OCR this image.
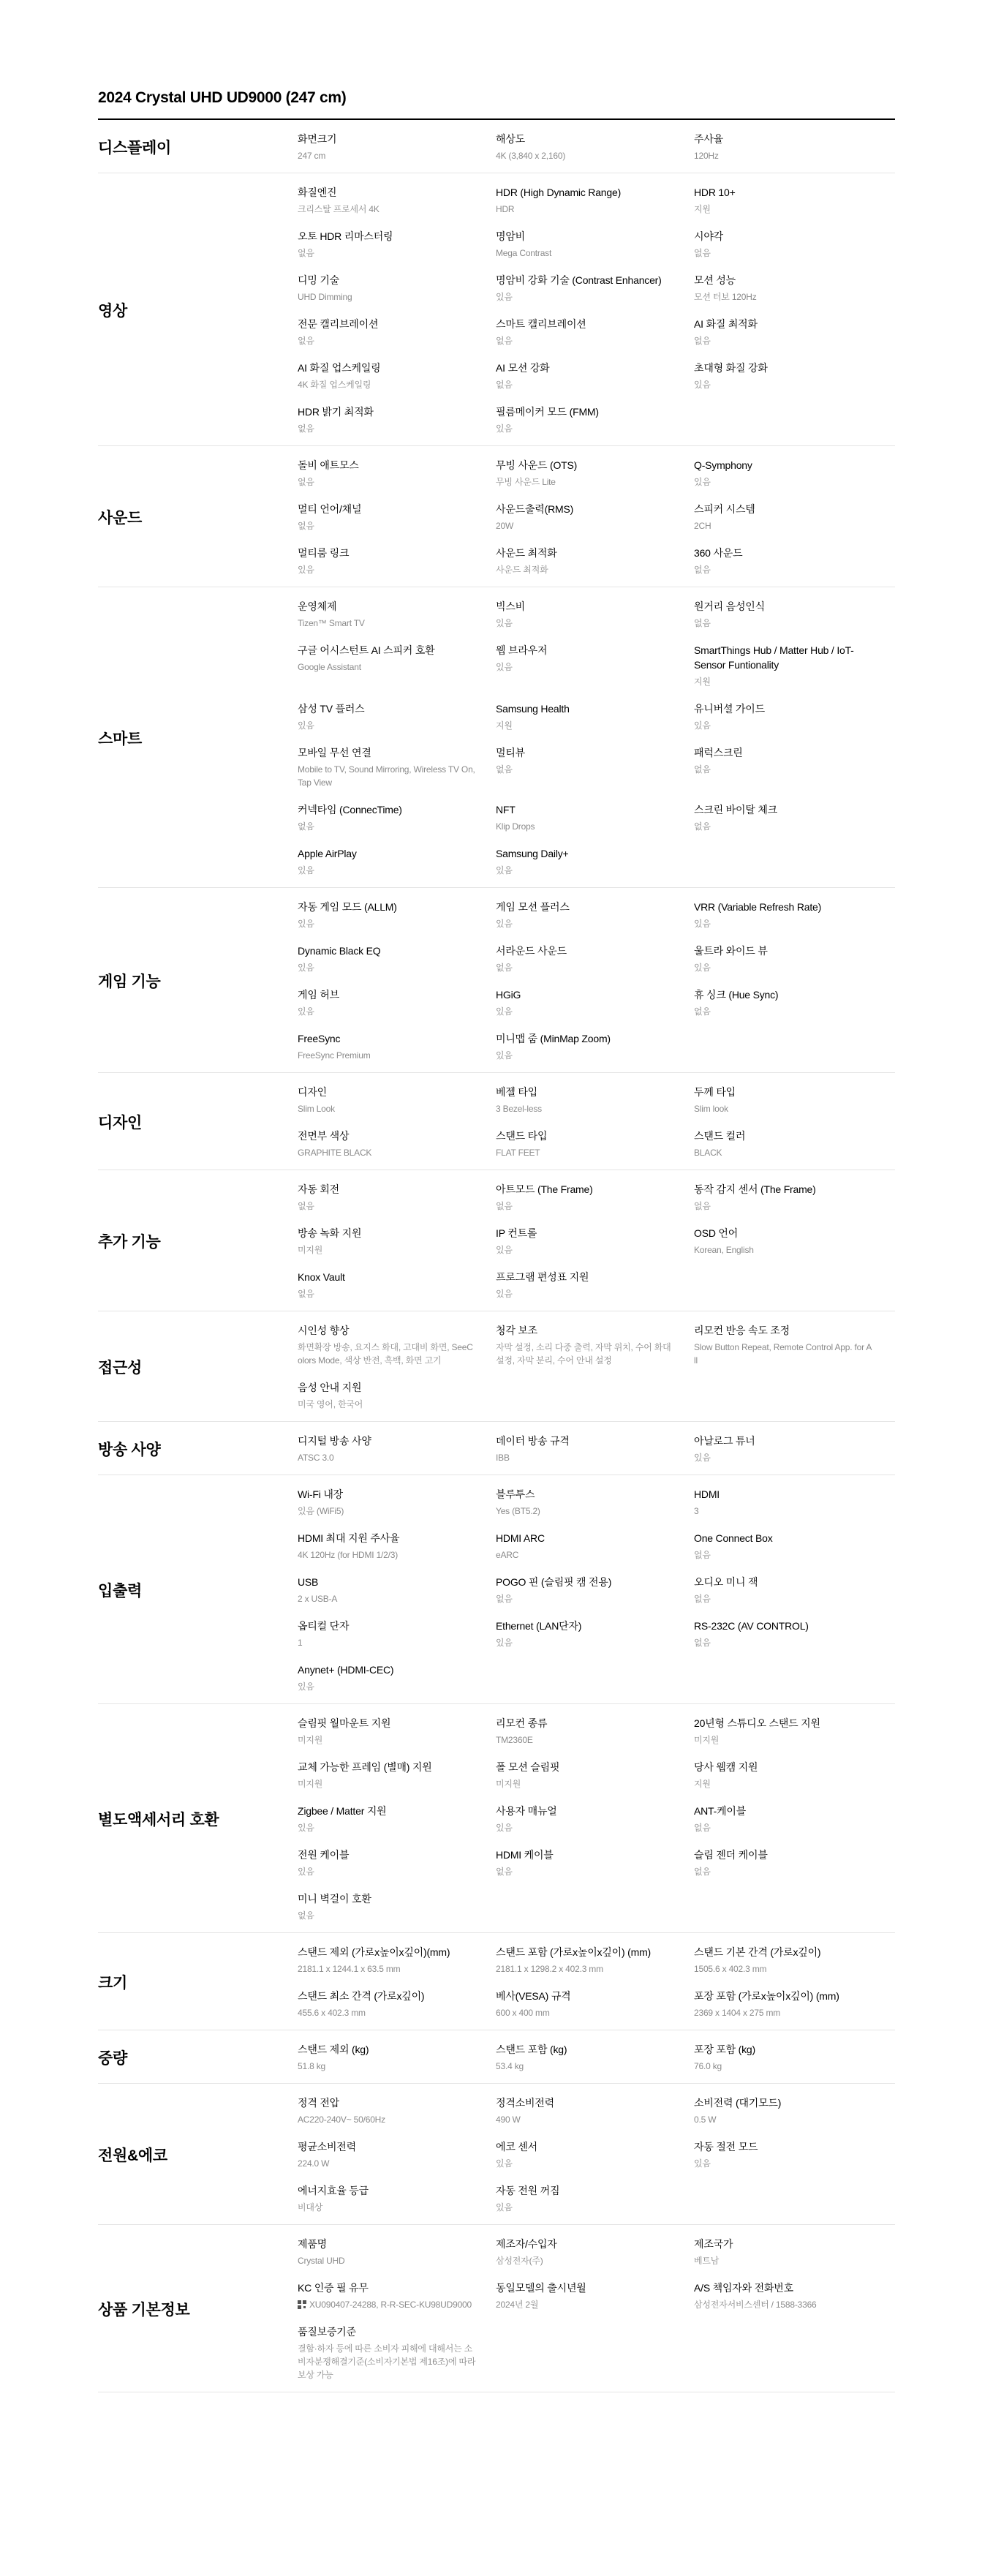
2024 Crystal UHD UD9000 (247 cm)
디스플레이
화면크기
247 cm
해상도
4K (3,840 x 2,160)
주사율
120Hz
영상
화질엔진
크리스탈 프로세서 4K
HDR (High Dynamic Range)
HDR
HDR 10+
지원
오토 HDR 리마스터링
없음
명암비
Mega Contrast
시야각
없음
디밍 기술
UHD Dimming
명암비 강화 기술 (Contrast Enhancer)
있음
모션 성능
모션 터보 120Hz
전문 캘리브레이션
없음
스마트 캘리브레이션
없음
AI 화질 최적화
없음
AI 화질 업스케일링
4K 화질 업스케일링
AI 모션 강화
없음
초대형 화질 강화
있음
HDR 밝기 최적화
없음
필름메이커 모드 (FMM)
있음
사운드
돌비 애트모스
없음
무빙 사운드 (OTS)
무빙 사운드 Lite
Q-Symphony
있음
멀티 언어/채널
없음
사운드출력(RMS)
20W
스피커 시스템
2CH
멀티룸 링크
있음
사운드 최적화
사운드 최적화
360 사운드
없음
스마트
운영체제
Tizen™ Smart TV
빅스비
있음
원거리 음성인식
없음
구글 어시스턴트 AI 스피커 호환
Google Assistant
웹 브라우저
있음
SmartThings Hub / Matter Hub / IoT-Sensor Funtionality
지원
삼성 TV 플러스
있음
Samsung Health
지원
유니버셜 가이드
있음
모바일 무선 연결
Mobile to TV, Sound Mirroring, Wireless TV On, Tap View
멀티뷰
없음
패럭스크린
없음
커넥타임 (ConnecTime)
없음
NFT
Klip Drops
스크린 바이탈 체크
없음
Apple AirPlay
있음
Samsung Daily+
있음
게임 기능
자동 게임 모드 (ALLM)
있음
게임 모션 플러스
있음
VRR (Variable Refresh Rate)
있음
Dynamic Black EQ
있음
서라운드 사운드
없음
울트라 와이드 뷰
있음
게임 허브
있음
HGiG
있음
휴 싱크 (Hue Sync)
없음
FreeSync
FreeSync Premium
미니맵 줌 (MinMap Zoom)
있음
디자인
디자인
Slim Look
베젤 타입
3 Bezel-less
두께 타입
Slim look
전면부 색상
GRAPHITE BLACK
스탠드 타입
FLAT FEET
스탠드 컬러
BLACK
추가 기능
자동 회전
없음
아트모드 (The Frame)
없음
동작 감지 센서 (The Frame)
없음
방송 녹화 지원
미지원
IP 컨트롤
있음
OSD 언어
Korean, English
Knox Vault
없음
프로그램 편성표 지원
있음
접근성
시인성 향상
화면확장 방송, 요지스 화대, 고대비 화면, SeeColors Mode, 색상 반전, 흑백, 화면 고기
청각 보조
자막 설정, 소리 다중 출력, 자막 위치, 수어 화대 설정, 자막 분리, 수어 안내 설정
리모컨 반응 속도 조정
Slow Button Repeat, Remote Control App. for All
음성 안내 지원
미국 영어, 한국어
방송 사양
디지털 방송 사양
ATSC 3.0
데이터 방송 규격
IBB
아날로그 튜너
있음
입출력
Wi-Fi 내장
있음 (WiFi5)
블루투스
Yes (BT5.2)
HDMI
3
HDMI 최대 지원 주사율
4K 120Hz (for HDMI 1/2/3)
HDMI ARC
eARC
One Connect Box
없음
USB
2 x USB-A
POGO 핀 (슬림핏 캠 전용)
없음
오디오 미니 잭
없음
옵티컬 단자
1
Ethernet (LAN단자)
있음
RS-232C (AV CONTROL)
없음
Anynet+ (HDMI-CEC)
있음
별도액세서리 호환
슬림핏 월마운트 지원
미지원
리모컨 종류
TM2360E
20년형 스튜디오 스탠드 지원
미지원
교체 가능한 프레임 (별매) 지원
미지원
폴 모션 슬림핏
미지원
당사 웹캠 지원
지원
Zigbee / Matter 지원
있음
사용자 매뉴얼
있음
ANT-케이블
없음
전원 케이블
있음
HDMI 케이블
없음
슬림 젠더 케이블
없음
미니 벽걸이 호환
없음
크기
스탠드 제외 (가로x높이x깊이)(mm)
2181.1 x 1244.1 x 63.5 mm
스탠드 포함 (가로x높이x깊이) (mm)
2181.1 x 1298.2 x 402.3 mm
스탠드 기본 간격 (가로x깊이)
1505.6 x 402.3 mm
스탠드 최소 간격 (가로x깊이)
455.6 x 402.3 mm
베사(VESA) 규격
600 x 400 mm
포장 포함 (가로x높이x깊이) (mm)
2369 x 1404 x 275 mm
중량
스탠드 제외 (kg)
51.8 kg
스탠드 포함 (kg)
53.4 kg
포장 포함 (kg)
76.0 kg
전원&에코
정격 전압
AC220-240V~ 50/60Hz
정격소비전력
490 W
소비전력 (대기모드)
0.5 W
평균소비전력
224.0 W
에코 센서
있음
자동 절전 모드
있음
에너지효율 등급
비대상
자동 전원 꺼짐
있음
상품 기본정보
제품명
Crystal UHD
제조자/수입자
삼성전자(주)
제조국가
베트남
KC 인증 필 유무
XU090407-24288, R-R-SEC-KU98UD9000
동일모델의 출시년월
2024년 2월
A/S 책임자와 전화번호
삼성전자서비스센터 / 1588-3366
품질보증기준
결함·하자 등에 따른 소비자 피해에 대해서는 소비자분쟁해결기준(소비자기본법 제16조)에 따라 보상 가능
